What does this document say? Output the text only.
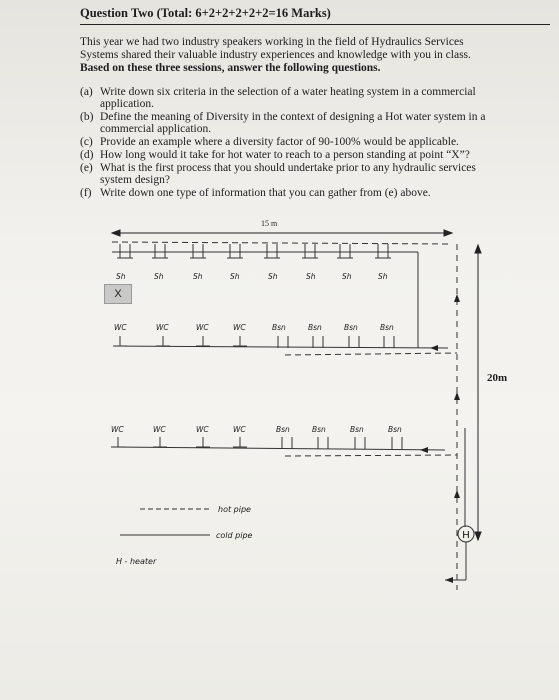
Question Two (Total: 6+2+2+2+2+2=16 Marks)
This year we had two industry speakers working in the field of Hydraulics Services
Systems shared their valuable industry experiences and knowledge with you in class.
Based on these three sessions, answer the following questions.
(a) Write down six criteria in the selection of a water heating system in a commercial application.
(b) Define the meaning of Diversity in the context of designing a Hot water system in a commercial application.
(c) Provide an example where a diversity factor of 90-100% would be applicable.
(d) How long would it take for hot water to reach to a person standing at point “X”?
(e) What is the first process that you should undertake prior to any hydraulic services system design?
(f) Write down one type of information that you can gather from (e) above.
H
Sh	Sh	Sh	Sh	Sh	Sh	Sh	Sh
WC	WC	WC	WC	Bsn	Bsn	Bsn	Bsn
WC	WC	WC	WC	Bsn	Bsn	Bsn	Bsn
15 m
20m
X
hot pipe
cold pipe
H - heater
